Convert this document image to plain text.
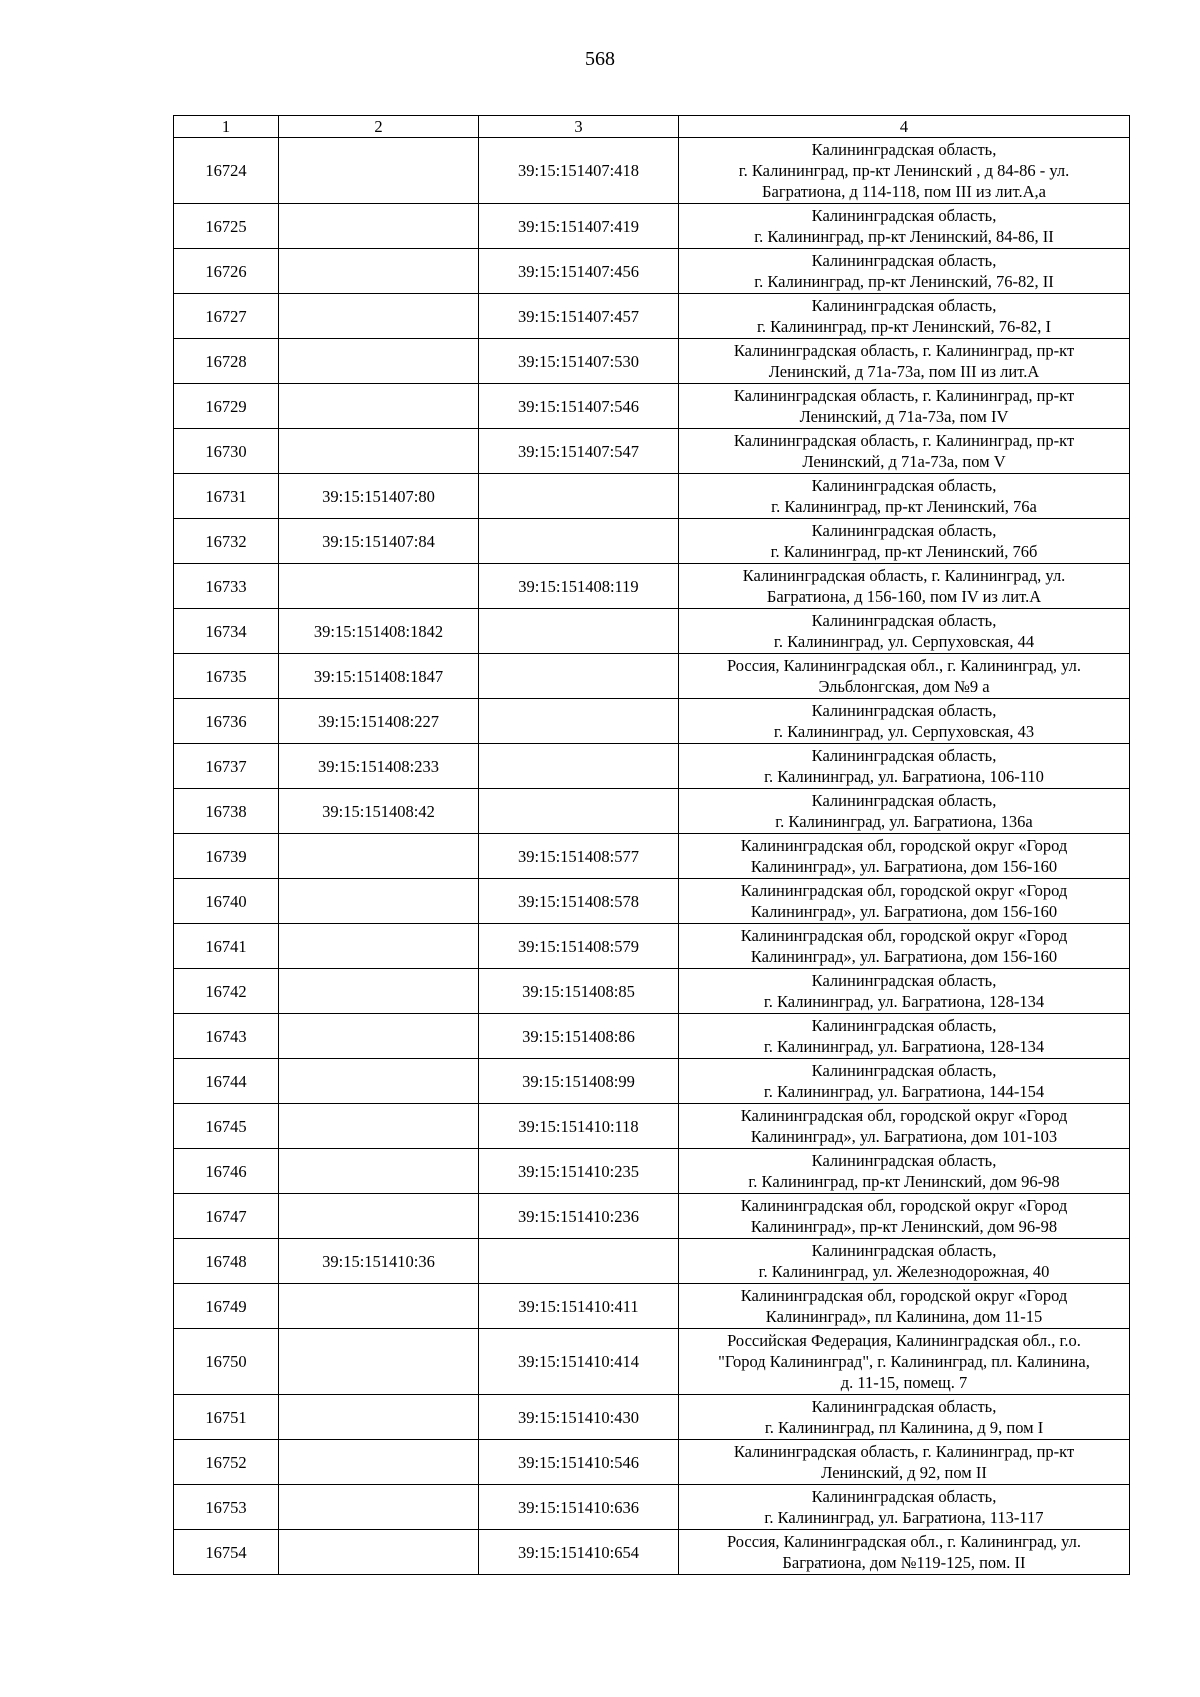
568
1	2	3	4
16724		39:15:151407:418	Калининградская область,
г. Калининград, пр-кт Ленинский , д 84-86 - ул.
Багратиона, д 114-118, пом III из лит.А,а

16725		39:15:151407:419	Калининградская область,
г. Калининград, пр-кт Ленинский, 84-86, II

16726		39:15:151407:456	Калининградская область,
г. Калининград, пр-кт Ленинский, 76-82, II

16727		39:15:151407:457	Калининградская область,
г. Калининград, пр-кт Ленинский, 76-82, I

16728		39:15:151407:530	Калининградская область, г. Калининград, пр-кт
Ленинский, д 71а-73а, пом III из лит.А

16729		39:15:151407:546	Калининградская область, г. Калининград, пр-кт
Ленинский, д 71а-73а, пом IV

16730		39:15:151407:547	Калининградская область, г. Калининград, пр-кт
Ленинский, д 71а-73а, пом V

16731	39:15:151407:80		Калининградская область,
г. Калининград, пр-кт Ленинский, 76а

16732	39:15:151407:84		Калининградская область,
г. Калининград, пр-кт Ленинский, 76б

16733		39:15:151408:119	Калининградская область, г. Калининград, ул.
Багратиона, д 156-160, пом IV из лит.А

16734	39:15:151408:1842		Калининградская область,
г. Калининград, ул. Серпуховская, 44

16735	39:15:151408:1847		Россия, Калининградская обл., г. Калининград, ул.
Эльблонгская, дом №9 а

16736	39:15:151408:227		Калининградская область,
г. Калининград, ул. Серпуховская, 43

16737	39:15:151408:233		Калининградская область,
г. Калининград, ул. Багратиона, 106-110

16738	39:15:151408:42		Калининградская область,
г. Калининград, ул. Багратиона, 136а

16739		39:15:151408:577	Калининградская обл, городской округ «Город
Калининград», ул. Багратиона, дом 156-160

16740		39:15:151408:578	Калининградская обл, городской округ «Город
Калининград», ул. Багратиона, дом 156-160

16741		39:15:151408:579	Калининградская обл, городской округ «Город
Калининград», ул. Багратиона, дом 156-160

16742		39:15:151408:85	Калининградская область,
г. Калининград, ул. Багратиона, 128-134

16743		39:15:151408:86	Калининградская область,
г. Калининград, ул. Багратиона, 128-134

16744		39:15:151408:99	Калининградская область,
г. Калининград, ул. Багратиона, 144-154

16745		39:15:151410:118	Калининградская обл, городской округ «Город
Калининград», ул. Багратиона, дом 101-103

16746		39:15:151410:235	Калининградская область,
г. Калининград, пр-кт Ленинский, дом 96-98

16747		39:15:151410:236	Калининградская обл, городской округ «Город
Калининград», пр-кт Ленинский, дом 96-98

16748	39:15:151410:36		Калининградская область,
г. Калининград, ул. Железнодорожная, 40

16749		39:15:151410:411	Калининградская обл, городской округ «Город
Калининград», пл Калинина, дом 11-15

16750		39:15:151410:414	Российская Федерация, Калининградская обл., г.о.
"Город Калининград", г. Калининград, пл. Калинина,
д. 11-15, помещ. 7

16751		39:15:151410:430	Калининградская область,
г. Калининград, пл Калинина, д 9, пом I

16752		39:15:151410:546	Калининградская область, г. Калининград, пр-кт
Ленинский, д 92, пом II

16753		39:15:151410:636	Калининградская область,
г. Калининград, ул. Багратиона, 113-117

16754		39:15:151410:654	Россия, Калининградская обл., г. Калининград, ул.
Багратиона, дом №119-125, пом. II
